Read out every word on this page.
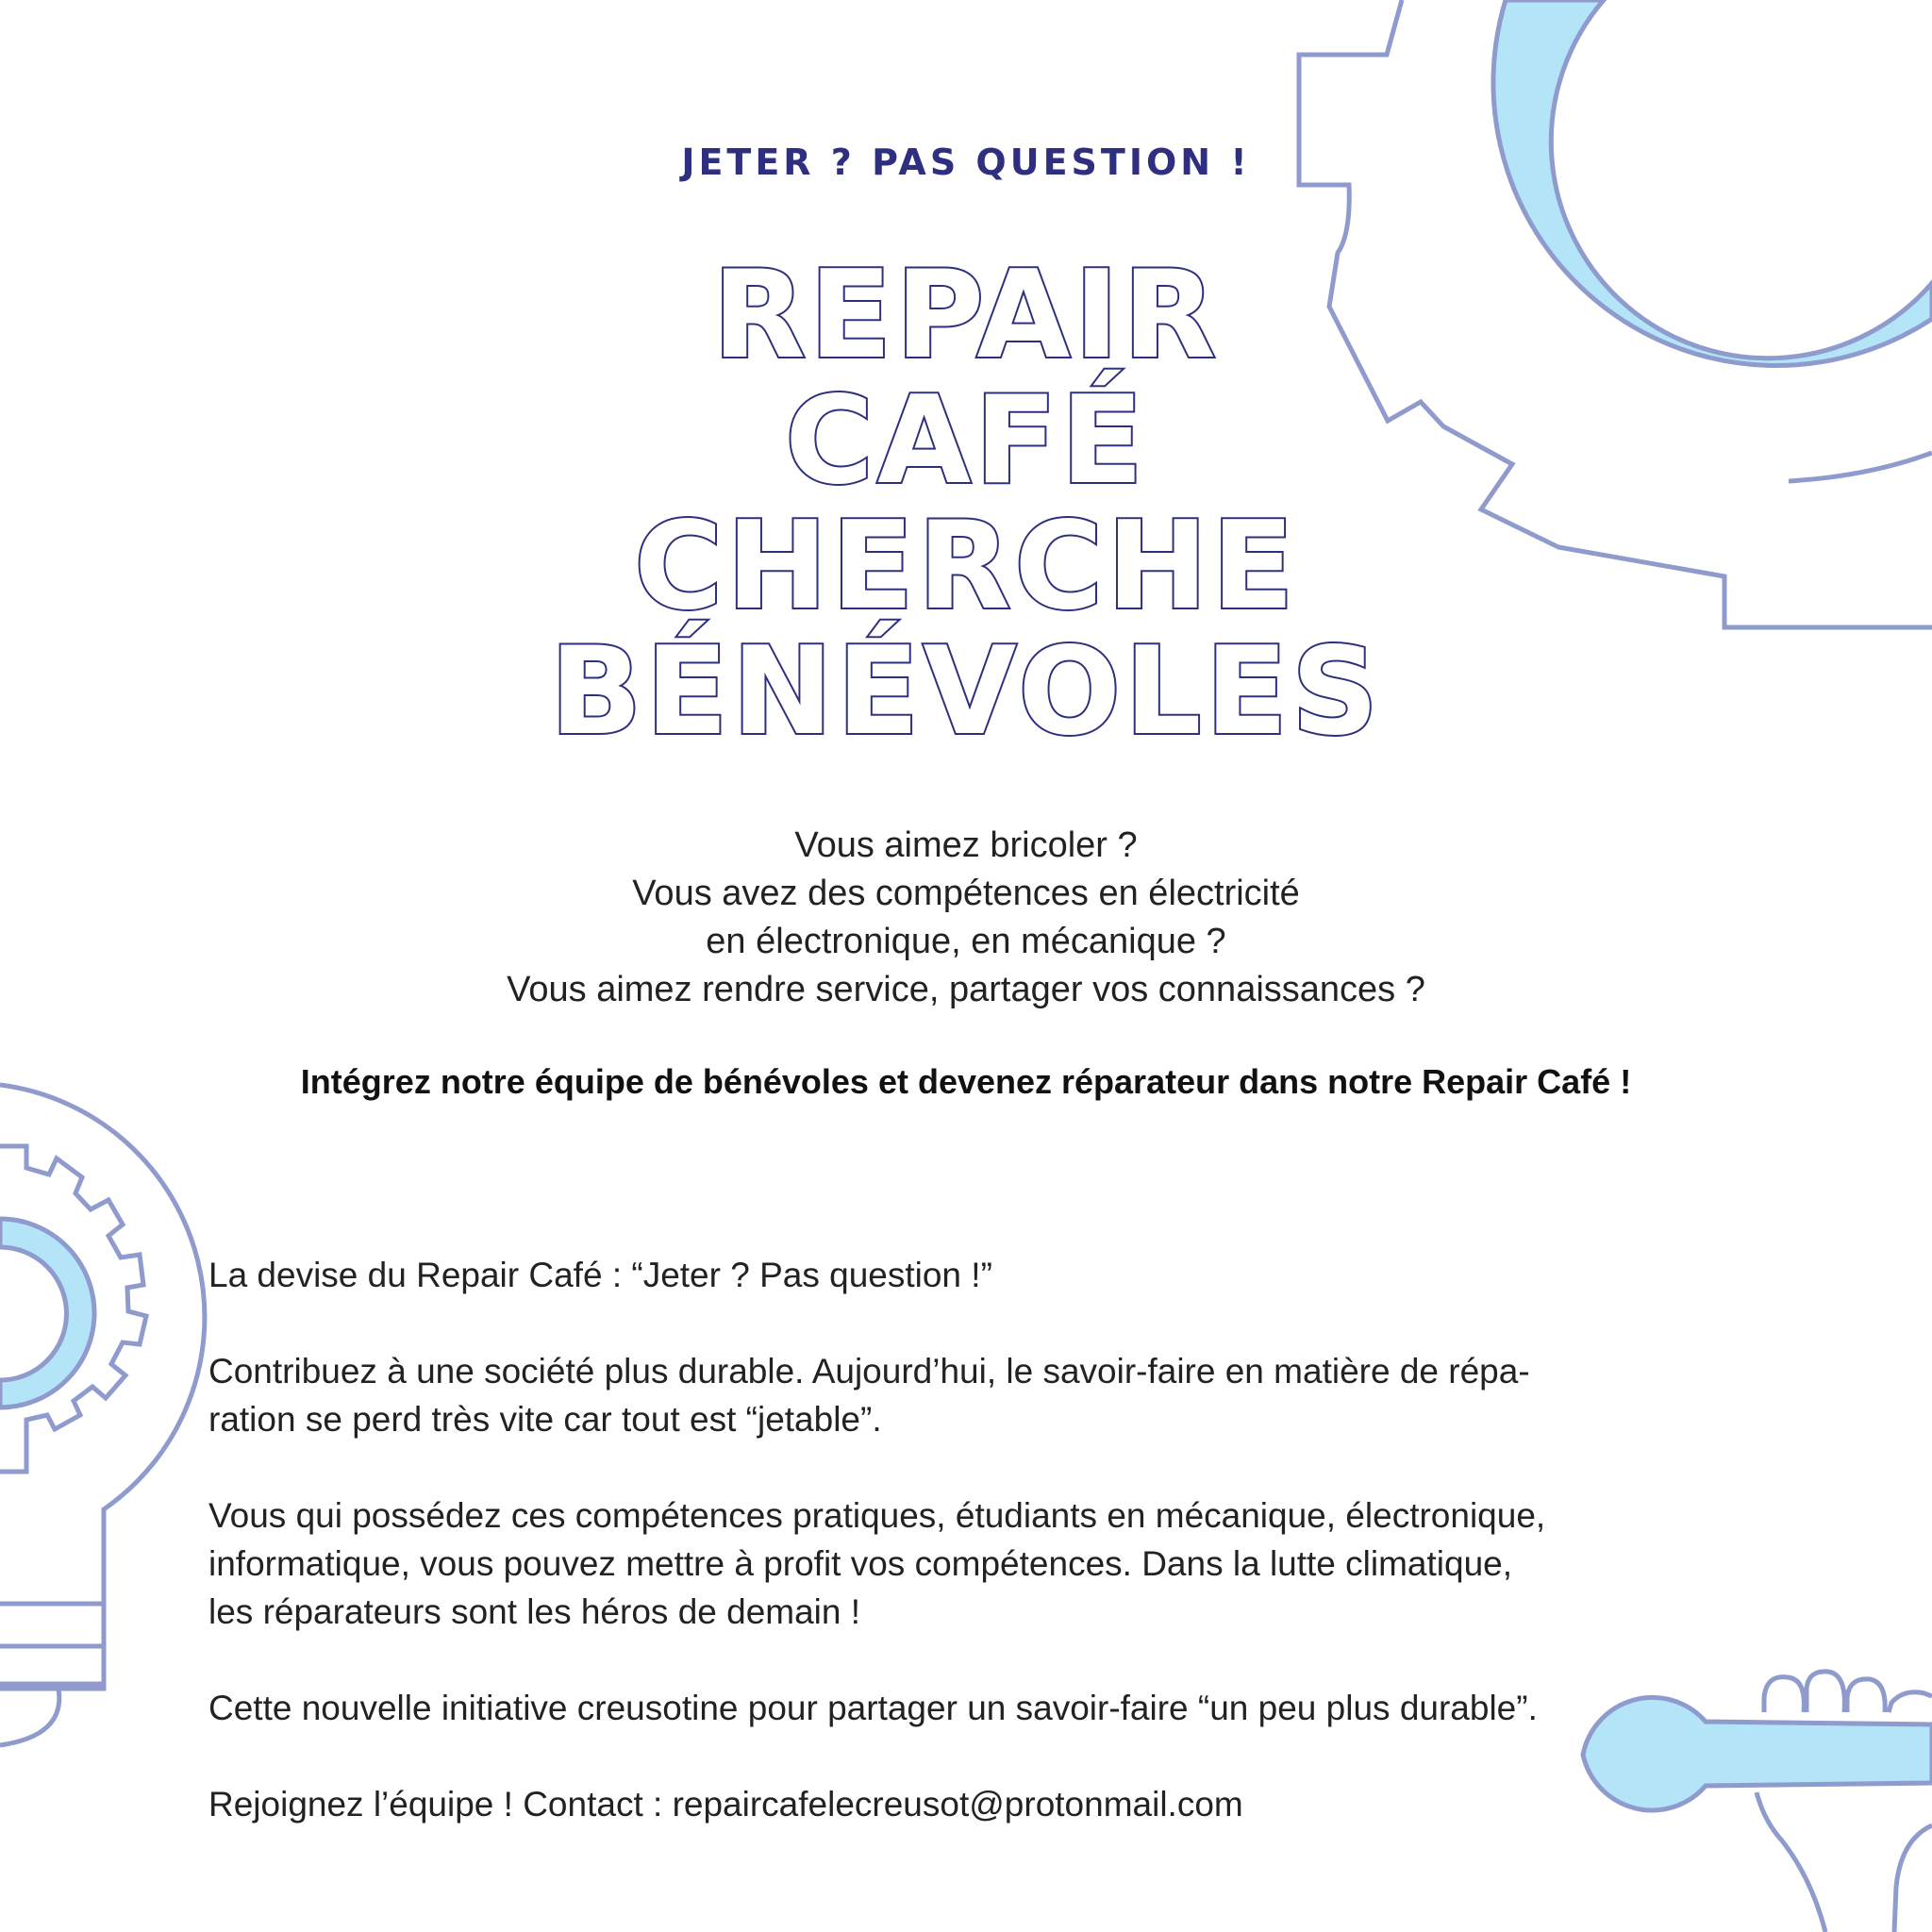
JETER ? PAS QUESTION !
REPAIR
CAFÉ
CHERCHE
BÉNÉVOLES
Vous aimez bricoler ?
Vous avez des compétences en électricité
en électronique, en mécanique ?
Vous aimez rendre service, partager vos connaissances ?
Intégrez notre équipe de bénévoles et devenez réparateur dans notre Repair Café !

La devise du Repair Café : “Jeter ? Pas question !”

Contribuez à une société plus durable. Aujourd’hui, le savoir-faire en matière de répa-
ration se perd très vite car tout est “jetable”.

Vous qui possédez ces compétences pratiques, étudiants en mécanique, électronique,
informatique, vous pouvez mettre à profit vos compétences. Dans la lutte climatique,
les réparateurs sont les héros de demain !

Cette nouvelle initiative creusotine pour partager un savoir-faire “un peu plus durable”.

Rejoignez l’équipe ! Contact : repaircafelecreusot@protonmail.com
